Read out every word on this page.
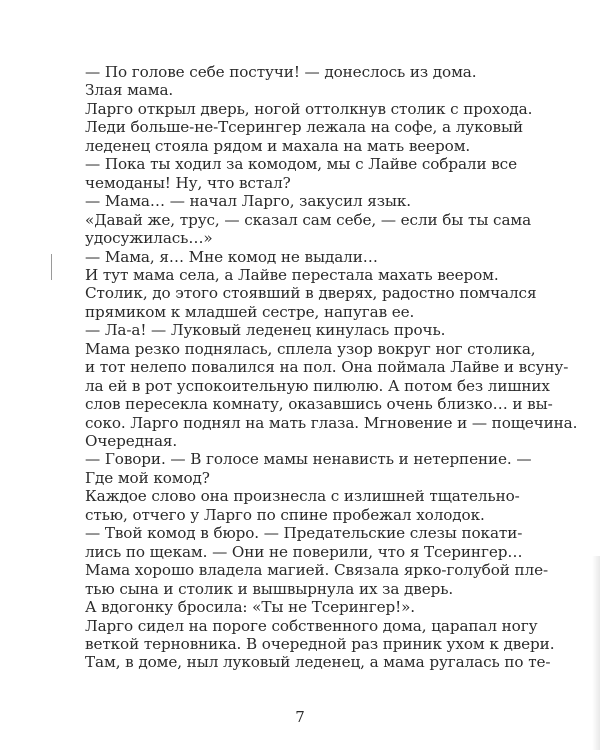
7
— По голове себе постучи! — донеслось из дома.
Злая мама.
Ларго открыл дверь, ногой оттолкнув столик с прохода.
Леди больше-не-Тсерингер лежала на софе, а луковый
леденец стояла рядом и махала на мать веером.
— Пока ты ходил за комодом, мы с Лайве собрали все
чемоданы! Ну, что встал?
— Мама… — начал Ларго, закусил язык.
«Давай же, трус, — сказал сам себе, — если бы ты сама
удосужилась…»
— Мама, я… Мне комод не выдали…
И тут мама села, а Лайве перестала махать веером.
Столик, до этого стоявший в дверях, радостно помчался
прямиком к младшей сестре, напугав ее.
— Ла-а! — Луковый леденец кинулась прочь.
Мама резко поднялась, сплела узор вокруг ног столика,
и тот нелепо повалился на пол. Она поймала Лайве и всуну-
ла ей в рот успокоительную пилюлю. А потом без лишних
слов пересекла комнату, оказавшись очень близко… и вы-
соко. Ларго поднял на мать глаза. Мгновение и — пощечина.
Очередная.
— Говори. — В голосе мамы ненависть и нетерпение. —
Где мой комод?
Каждое слово она произнесла с излишней тщательно-
стью, отчего у Ларго по спине пробежал холодок.
— Твой комод в бюро. — Предательские слезы покати-
лись по щекам. — Они не поверили, что я Тсерингер…
Мама хорошо владела магией. Связала ярко-голубой пле-
тью сына и столик и вышвырнула их за дверь.
А вдогонку бросила: «Ты не Тсерингер!».
Ларго сидел на пороге собственного дома, царапал ногу
веткой терновника. В очередной раз приник ухом к двери.
Там, в доме, ныл луковый леденец, а мама ругалась по те-
